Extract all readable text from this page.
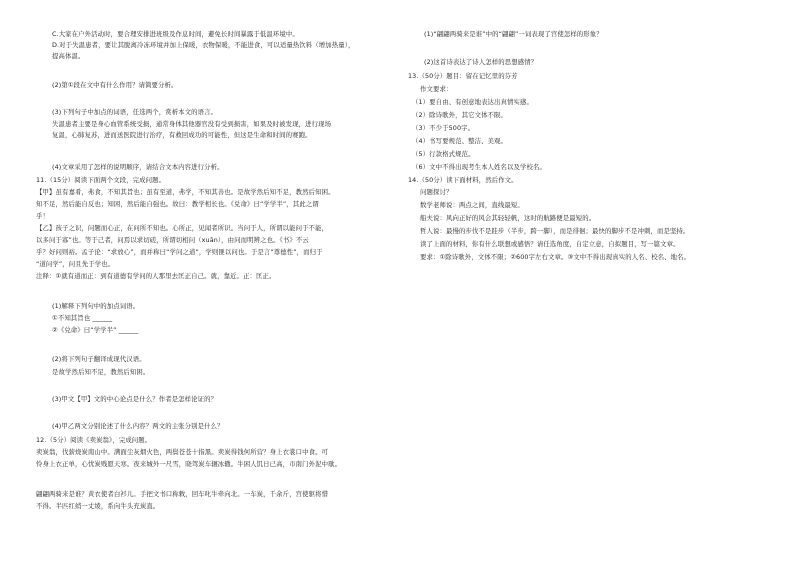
C.大家在户外活动时，要合理安排进班级及作息时间，避免长时间暴露于低温环境中。
D.对于失温患者，要让其脱离冷冻环境并加上保暖，衣物保暖，不能进食，可以适量热饮料（增加热量），
提高体温。
(2)第①段在文中有什么作用？请简要分析。
(3)下列句子中加点的词语，任选两个，赏析本文的语言。
失温患者主要是身心血管系统受损，通常身体其他器官没有受到损害，如果及时被发现，进行现场
复温，心肺复苏，进而送医院进行治疗，有救回成功的可能性，但这是生命和时间的赛跑。
(4)文章采用了怎样的说明顺序，请结合文本内容进行分析。
11.（15分）阅读下面两个文段，完成问题。
【甲】虽有嘉肴，弗食，不知其旨也；虽有至道，弗学，不知其善也。是故学然后知不足，教然后知困。
知不足，然后能自反也；知困，然后能自强也。故曰：教学相长也。《兑命》曰“学学半”，其此之谓
乎！
【乙】孩子之识，问题而心正，在问所不知也。心所正，见闻者所识。当问于人，所谓以能问于不能，
以多问于寡”也。等于己者，问焉以求切磋，所谓切相问（xuān），由问而明辨之也。《书》不云
乎？好问则裕。孟子论：“求放心”，而并称曰“学问之道”，学则匪以问也。于是言“尊德性”，而归于
“道问学”，问且先于学也。
注释：①就有道而正：到有道德有学问的人那里去匡正自己。就，靠近。正：匡正。
(1)解释下列句中的加点词语。
①不知其旨也 ______
②《兑命》曰“学学半” ______
(2)将下列句子翻译成现代汉语。
是故学然后知不足，教然后知困。
(3)甲文【甲】文的中心论点是什么？作者是怎样论证的？
(4)甲乙两文分别论述了什么内容？两文的主张分别是什么？
12.（5分）阅读《卖炭翁》，完成问题。
卖炭翁，伐薪烧炭南山中。满面尘灰烟火色，两鬓苍苍十指黑。卖炭得钱何所营？身上衣裳口中食。可
怜身上衣正单，心忧炭贱愿天寒。夜来城外一尺雪，晓驾炭车辗冰辙。牛困人饥日已高，市南门外泥中歇。
翩翩两骑来是谁？黄衣使者白衫儿。手把文书口称敕，回车叱牛牵向北。一车炭，千余斤，宫使驱将惜
不得。半匹红绡一丈绫，系向牛头充炭直。
(1)“翩翩两骑来是谁”中的“翩翩”一词表现了宫使怎样的形象？
(2)这首诗表达了诗人怎样的思想感情？
13.（50分）题目：留在记忆里的芬芳
作文要求：
（1）要自由、有创意地表达出真情实感。
（2）除诗歌外，其它文体不限。
（3）不少于500字。
（4）书写要规范、整洁、美观。
（5）行款格式规范。
（6）文中不得出现考生本人姓名以及学校名。
14.（50分）读下面材料，然后作文。
问题探讨？
数学老师说：两点之间，直线最短。
船夫说：风向正好的风会其轻轻帆，这时的航路便是最短的。
哲人说：最慢的步伐不是跬步（半步，跨一脚），而是徘徊；最快的脚步不是冲刺，而是坚持。
读了上面的材料，你有什么联想或感悟？请任选角度，自定立意，自拟题目，写一篇文章。
要求：①除诗歌外，文体不限；②600字左右文章。③文中不得出现真实的人名、校名、地名。
